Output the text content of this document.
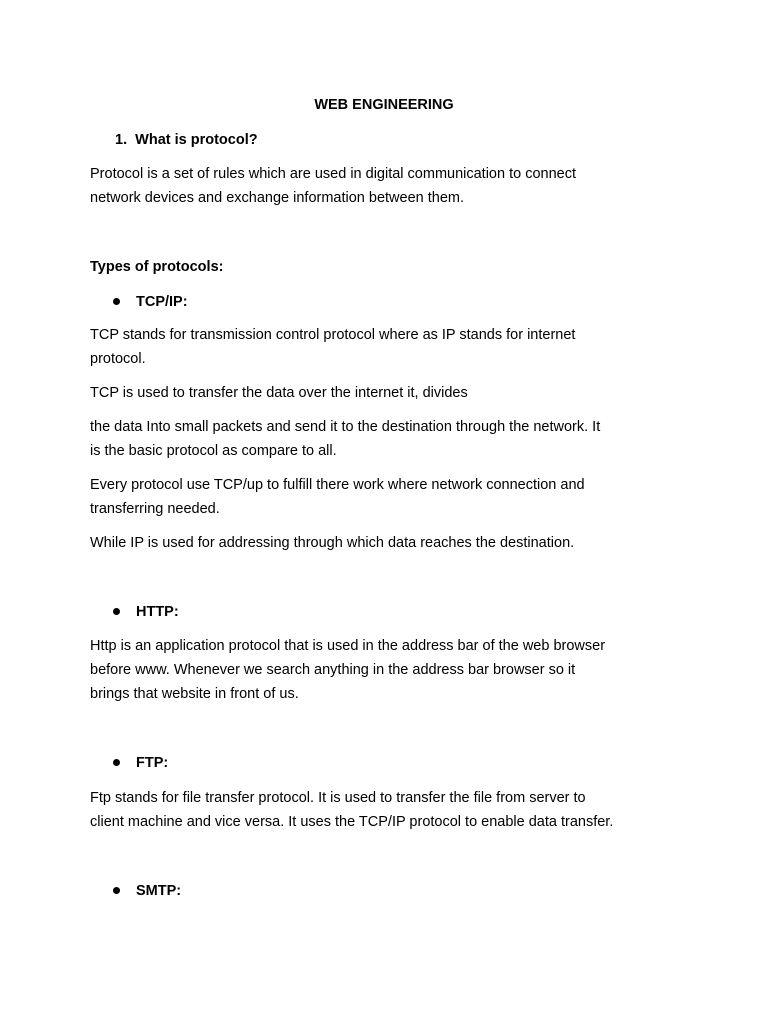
WEB ENGINEERING

1. What is protocol?

Protocol is a set of rules which are used in digital communication to connect

network devices and exchange information between them.

Types of protocols:

TCP/IP:

TCP stands for transmission control protocol where as IP stands for internet

protocol.

TCP is used to transfer the data over the internet it, divides

the data Into small packets and send it to the destination through the network. It

is the basic protocol as compare to all.

Every protocol use TCP/up to fulfill there work where network connection and

transferring needed.

While IP is used for addressing through which data reaches the destination.

HTTP:

Http is an application protocol that is used in the address bar of the web browser

before www. Whenever we search anything in the address bar browser so it

brings that website in front of us.

FTP:

Ftp stands for file transfer protocol. It is used to transfer the file from server to

client machine and vice versa. It uses the TCP/IP protocol to enable data transfer.

SMTP:
